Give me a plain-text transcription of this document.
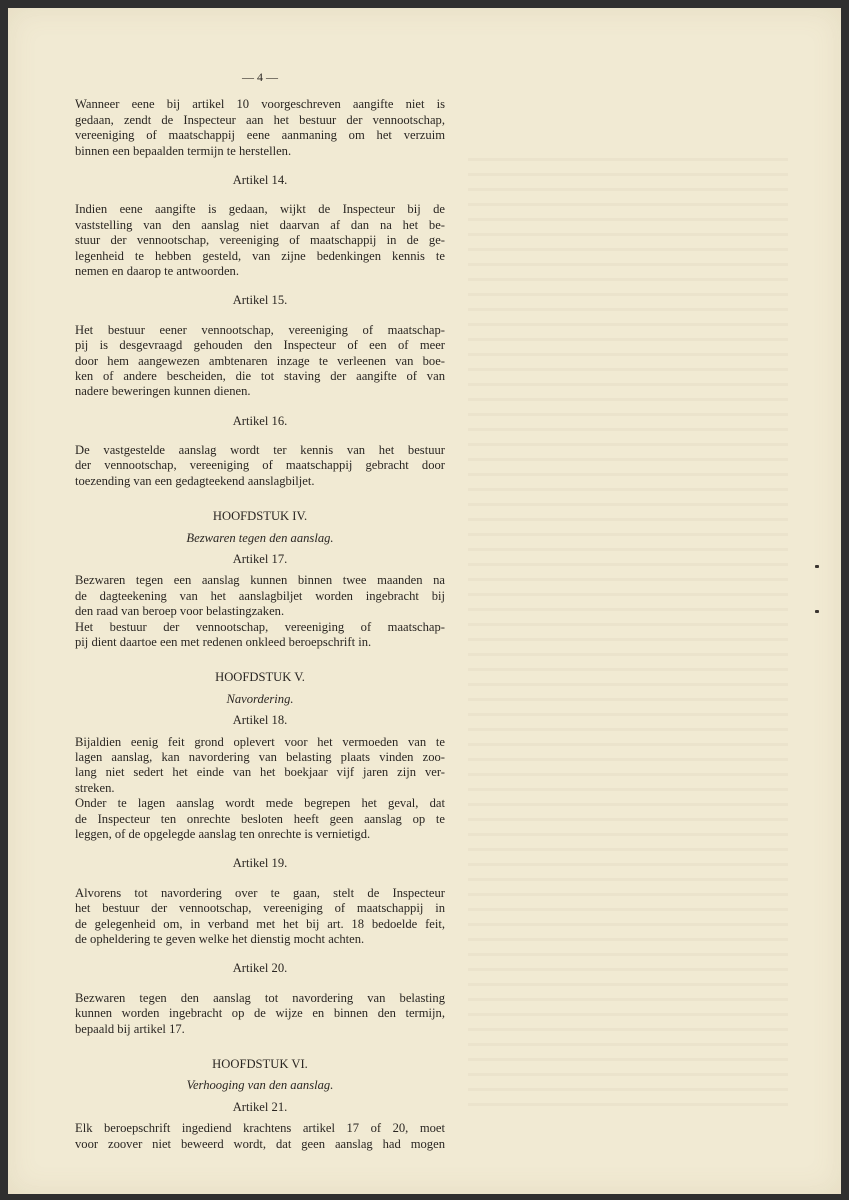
— 4 —
Wanneer eene bij artikel 10 voorgeschreven aangifte niet is
gedaan, zendt de Inspecteur aan het bestuur der vennootschap,
vereeniging of maatschappij eene aanmaning om het verzuim
binnen een bepaalden termijn te herstellen.
Artikel 14.
Indien eene aangifte is gedaan, wijkt de Inspecteur bij de
vaststelling van den aanslag niet daarvan af dan na het be-
stuur der vennootschap, vereeniging of maatschappij in de ge-
legenheid te hebben gesteld, van zijne bedenkingen kennis te
nemen en daarop te antwoorden.
Artikel 15.
Het bestuur eener vennootschap, vereeniging of maatschap-
pij is desgevraagd gehouden den Inspecteur of een of meer
door hem aangewezen ambtenaren inzage te verleenen van boe-
ken of andere bescheiden, die tot staving der aangifte of van
nadere beweringen kunnen dienen.
Artikel 16.
De vastgestelde aanslag wordt ter kennis van het bestuur
der vennootschap, vereeniging of maatschappij gebracht door
toezending van een gedagteekend aanslagbiljet.
HOOFDSTUK IV.
Bezwaren tegen den aanslag.
Artikel 17.
Bezwaren tegen een aanslag kunnen binnen twee maanden na
de dagteekening van het aanslagbiljet worden ingebracht bij
den raad van beroep voor belastingzaken.
Het bestuur der vennootschap, vereeniging of maatschap-
pij dient daartoe een met redenen onkleed beroepschrift in.
HOOFDSTUK V.
Navordering.
Artikel 18.
Bijaldien eenig feit grond oplevert voor het vermoeden van te
lagen aanslag, kan navordering van belasting plaats vinden zoo-
lang niet sedert het einde van het boekjaar vijf jaren zijn ver-
streken.
Onder te lagen aanslag wordt mede begrepen het geval, dat
de Inspecteur ten onrechte besloten heeft geen aanslag op te
leggen, of de opgelegde aanslag ten onrechte is vernietigd.
Artikel 19.
Alvorens tot navordering over te gaan, stelt de Inspecteur
het bestuur der vennootschap, vereeniging of maatschappij in
de gelegenheid om, in verband met het bij art. 18 bedoelde feit,
de opheldering te geven welke het dienstig mocht achten.
Artikel 20.
Bezwaren tegen den aanslag tot navordering van belasting
kunnen worden ingebracht op de wijze en binnen den termijn,
bepaald bij artikel 17.
HOOFDSTUK VI.
Verhooging van den aanslag.
Artikel 21.
Elk beroepschrift ingediend krachtens artikel 17 of 20, moet
voor zoover niet beweerd wordt, dat geen aanslag had mogen
